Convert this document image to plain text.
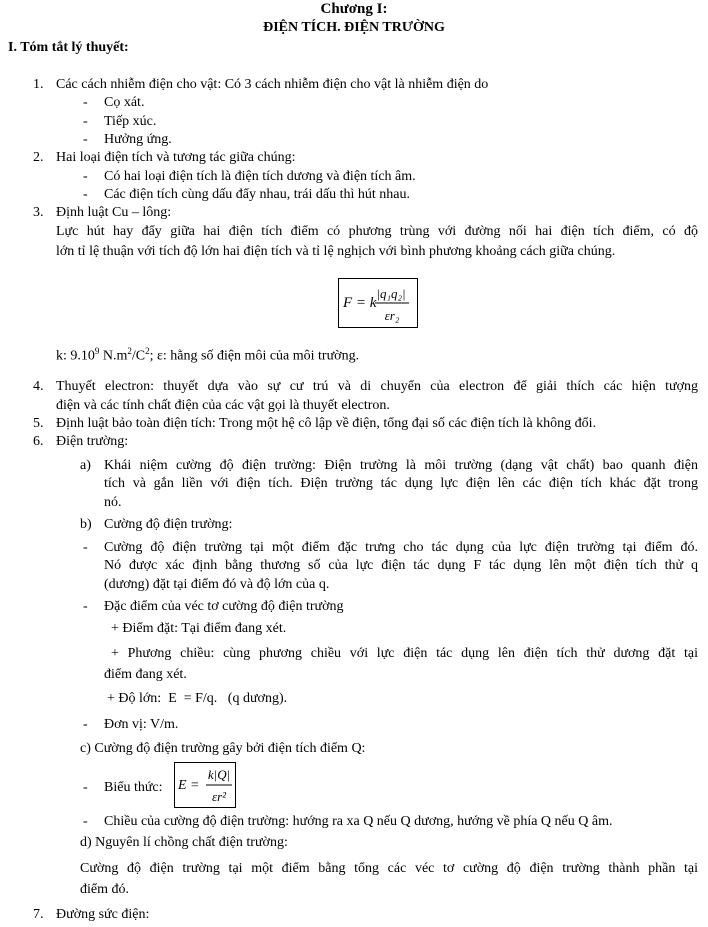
Chương I:
ĐIỆN TÍCH. ĐIỆN TRƯỜNG
I. Tóm tắt lý thuyết:
1. Các cách nhiễm điện cho vật: Có 3 cách nhiễm điện cho vật là nhiễm điện do
- Cọ xát.
- Tiếp xúc.
- Hưởng ứng.
2. Hai loại điện tích và tương tác giữa chúng:
- Có hai loại điện tích là điện tích dương và điện tích âm.
- Các điện tích cùng dấu đẩy nhau, trái dấu thì hút nhau.
3. Định luật Cu – lông:
Lực hút hay đẩy giữa hai điện tích điểm có phương trùng với đường nối hai điện tích điểm, có độ
lớn tỉ lệ thuận với tích độ lớn hai điện tích và tỉ lệ nghịch với bình phương khoảng cách giữa chúng.
F = k
|q₁q₂|
εr₂
k: 9.10$^9$ $N.m^2/C^2$; ε: hằng số điện môi của môi trường.
4. Thuyết electron: thuyết dựa vào sự cư trú và di chuyển của electron để giải thích các hiện tượng
điện và các tính chất điện của các vật gọi là thuyết electron.
5. Định luật bảo toàn điện tích: Trong một hệ cô lập về điện, tổng đại số các điện tích là không đổi.
6. Điện trường:
a) Khái niệm cường độ điện trường: Điện trường là môi trường (dạng vật chất) bao quanh điện
tích và gắn liền với điện tích. Điện trường tác dụng lực điện lên các điện tích khác đặt trong
nó.
b) Cường độ điện trường:
- Cường độ điện trường tại một điểm đặc trưng cho tác dụng của lực điện trường tại điểm đó.
Nó được xác định bằng thương số của lực điện tác dụng F tác dụng lên một điện tích thử q
(dương) đặt tại điểm đó và độ lớn của q.
- Đặc điểm của véc tơ cường độ điện trường
+ Điểm đặt: Tại điểm đang xét.
+ Phương chiều: cùng phương chiều với lực điện tác dụng lên điện tích thử dương đặt tại
điểm đang xét.
+ Độ lớn:  E  = F/q.   (q dương).
- Đơn vị: V/m.
c) Cường độ điện trường gây bởi điện tích điểm Q:
- Biểu thức: E =
k|Q|
εr²
- Chiều của cường độ điện trường: hướng ra xa Q nếu Q dương, hướng về phía Q nếu Q âm.
d) Nguyên lí chồng chất điện trường:
Cường độ điện trường tại một điểm bằng tổng các véc tơ cường độ điện trường thành phần tại
điểm đó.
7. Đường sức điện:
